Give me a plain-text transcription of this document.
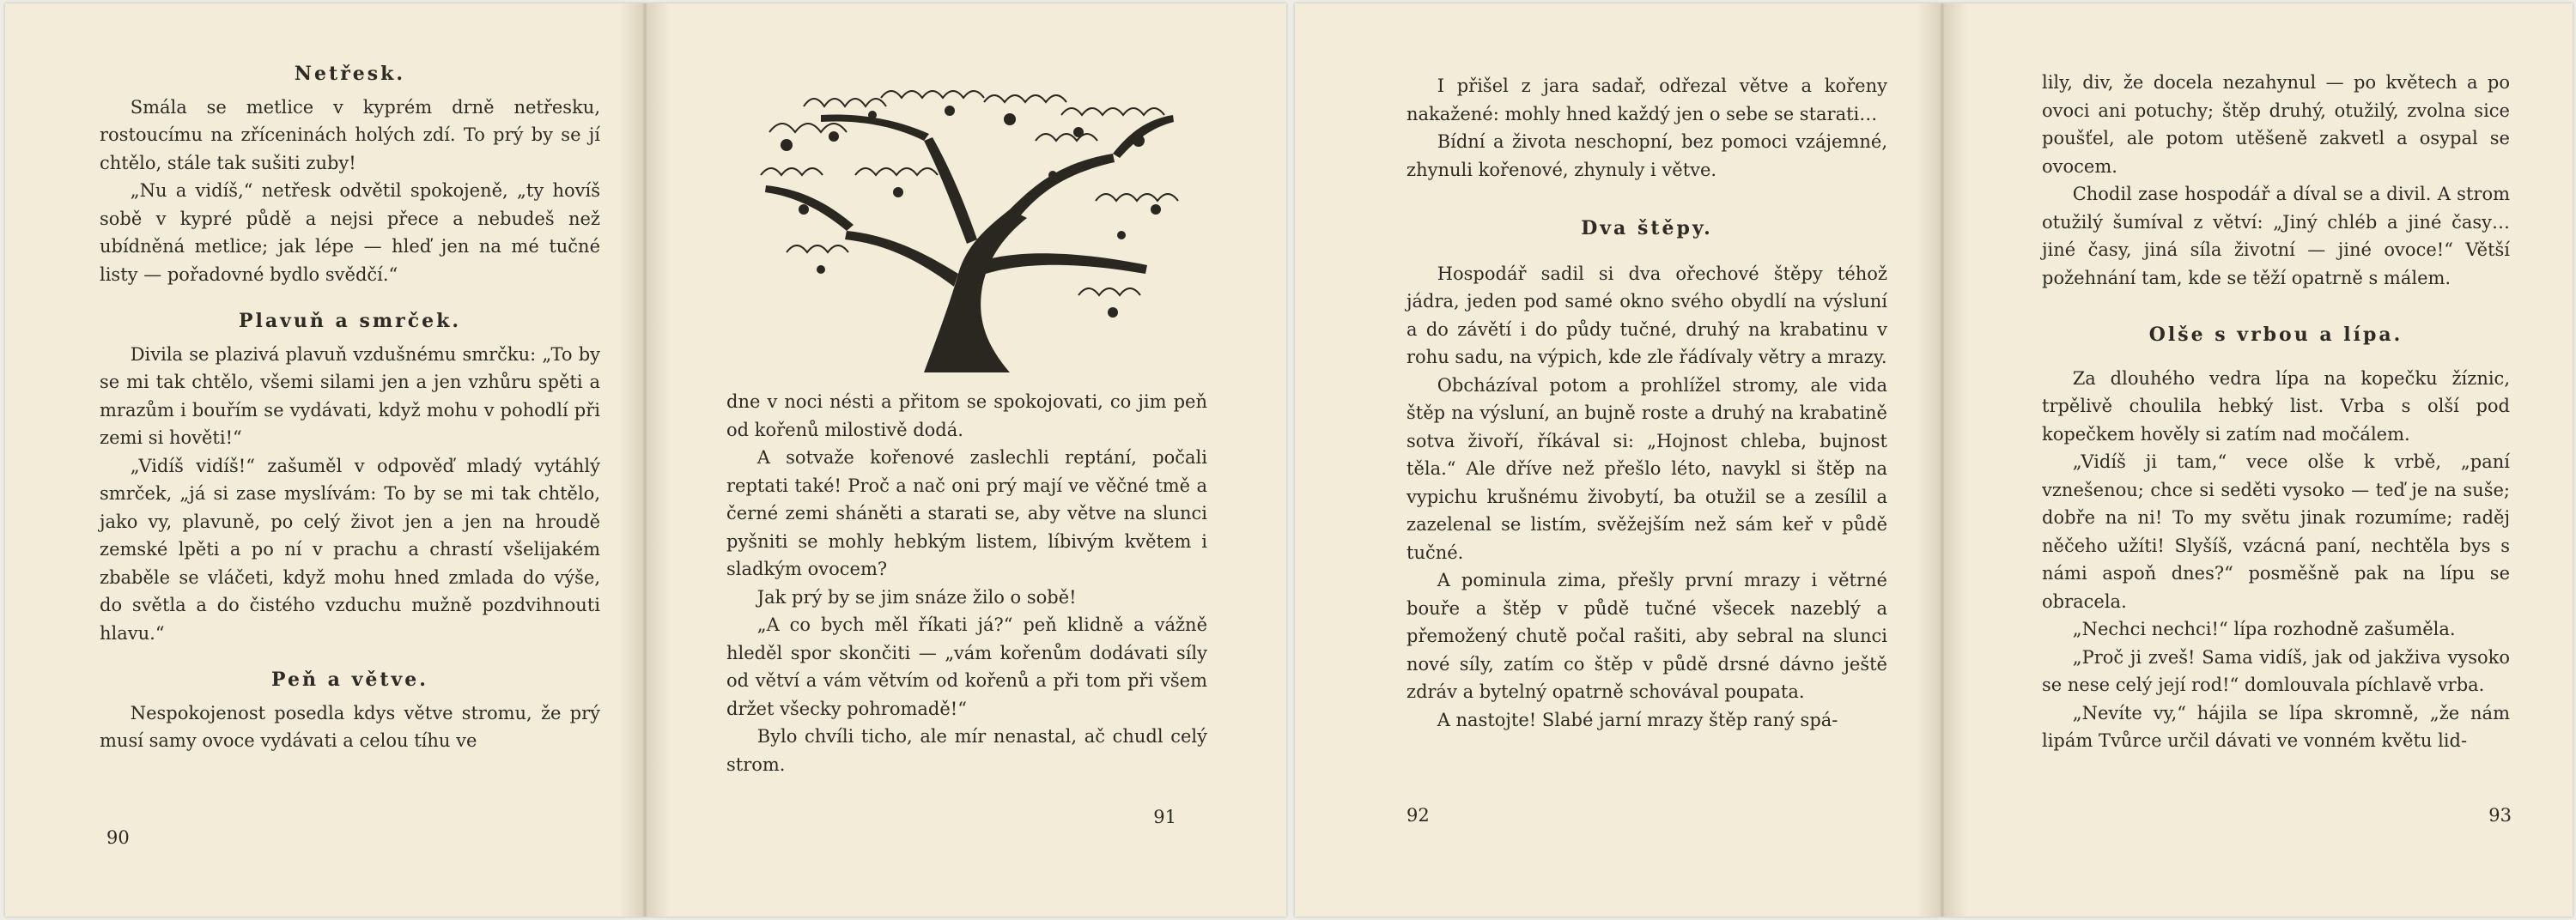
Netřesk.

Smála se metlice v kyprém drně netřesku, rostoucímu na zříceninách holých zdí. To prý by se jí chtělo, stále tak sušiti zuby!

„Nu a vidíš,“ netřesk odvětil spokojeně, „ty hovíš sobě v kypré půdě a nejsi přece a nebudeš než ubídněná metlice; jak lépe — hleď jen na mé tučné listy — pořadovné bydlo svědčí.“

Plavuň a smrček.

Divila se plazivá plavuň vzdušnému smrčku: „To by se mi tak chtělo, všemi silami jen a jen vzhůru spěti a mrazům i bouřím se vydávati, když mohu v pohodlí při zemi si hověti!“

„Vidíš vidíš!“ zašuměl v odpověď mladý vytáhlý smrček, „já si zase myslívám: To by se mi tak chtělo, jako vy, plavuně, po celý život jen a jen na hroudě zemské lpěti a po ní v prachu a chrastí všelijakém zbaběle se vláčeti, když mohu hned zmlada do výše, do světla a do čistého vzduchu mužně pozdvihnouti hlavu.“

Peň a větve.

Nespokojenost posedla kdys větve stromu, že prý musí samy ovoce vydávati a celou tíhu ve

90

dne v noci nésti a přitom se spokojovati, co jim peň od kořenů milostivě dodá.

A sotvaže kořenové zaslechli reptání, počali reptati také! Proč a nač oni prý mají ve věčné tmě a černé zemi sháněti a starati se, aby větve na slunci pyšniti se mohly hebkým listem, líbivým květem i sladkým ovocem?

Jak prý by se jim snáze žilo o sobě!

„A co bych měl říkati já?“ peň klidně a vážně hleděl spor skončiti — „vám kořenům dodávati síly od větví a vám větvím od kořenů a při tom při všem držet všecky pohromadě!“

Bylo chvíli ticho, ale mír nenastal, ač chudl celý strom.

91

I přišel z jara sadař, odřezal větve a kořeny nakažené: mohly hned každý jen o sebe se starati…

Bídní a života neschopní, bez pomoci vzájemné, zhynuli kořenové, zhynuly i větve.

Dva štěpy.

Hospodář sadil si dva ořechové štěpy téhož jádra, jeden pod samé okno svého obydlí na výsluní a do závětí i do půdy tučné, druhý na krabatinu v rohu sadu, na výpich, kde zle řádívaly větry a mrazy.

Obcházíval potom a prohlížel stromy, ale vida štěp na výsluní, an bujně roste a druhý na krabatině sotva živoří, říkával si: „Hojnost chleba, bujnost těla.“ Ale dříve než přešlo léto, navykl si štěp na vypichu krušnému živobytí, ba otužil se a zesílil a zazelenal se listím, svěžejším než sám keř v půdě tučné.

A pominula zima, přešly první mrazy i větrné bouře a štěp v půdě tučné všecek nazeblý a přemožený chutě počal rašiti, aby sebral na slunci nové síly, zatím co štěp v půdě drsné dávno ještě zdráv a bytelný opatrně schovával poupata.

A nastojte! Slabé jarní mrazy štěp raný spá-

92

lily, div, že docela nezahynul — po květech a po ovoci ani potuchy; štěp druhý, otužilý, zvolna sice poušťel, ale potom utěšeně zakvetl a osypal se ovocem.

Chodil zase hospodář a díval se a divil. A strom otužilý šumíval z větví: „Jiný chléb a jiné časy… jiné časy, jiná síla životní — jiné ovoce!“ Větší požehnání tam, kde se těží opatrně s málem.

Olše s vrbou a lípa.

Za dlouhého vedra lípa na kopečku žíznic, trpělivě choulila hebký list. Vrba s olší pod kopečkem hověly si zatím nad močálem.

„Vidíš ji tam,“ vece olše k vrbě, „paní vznešenou; chce si seděti vysoko — teď je na suše; dobře na ni! To my světu jinak rozumíme; raděj něčeho užíti! Slyšíš, vzácná paní, nechtěla bys s námi aspoň dnes?“ posměšně pak na lípu se obracela.

„Nechci nechci!“ lípa rozhodně zašuměla.

„Proč ji zveš! Sama vidíš, jak od jakživa vysoko se nese celý její rod!“ domlouvala píchlavě vrba.

„Nevíte vy,“ hájila se lípa skromně, „že nám lipám Tvůrce určil dávati ve vonném květu lid-

93
